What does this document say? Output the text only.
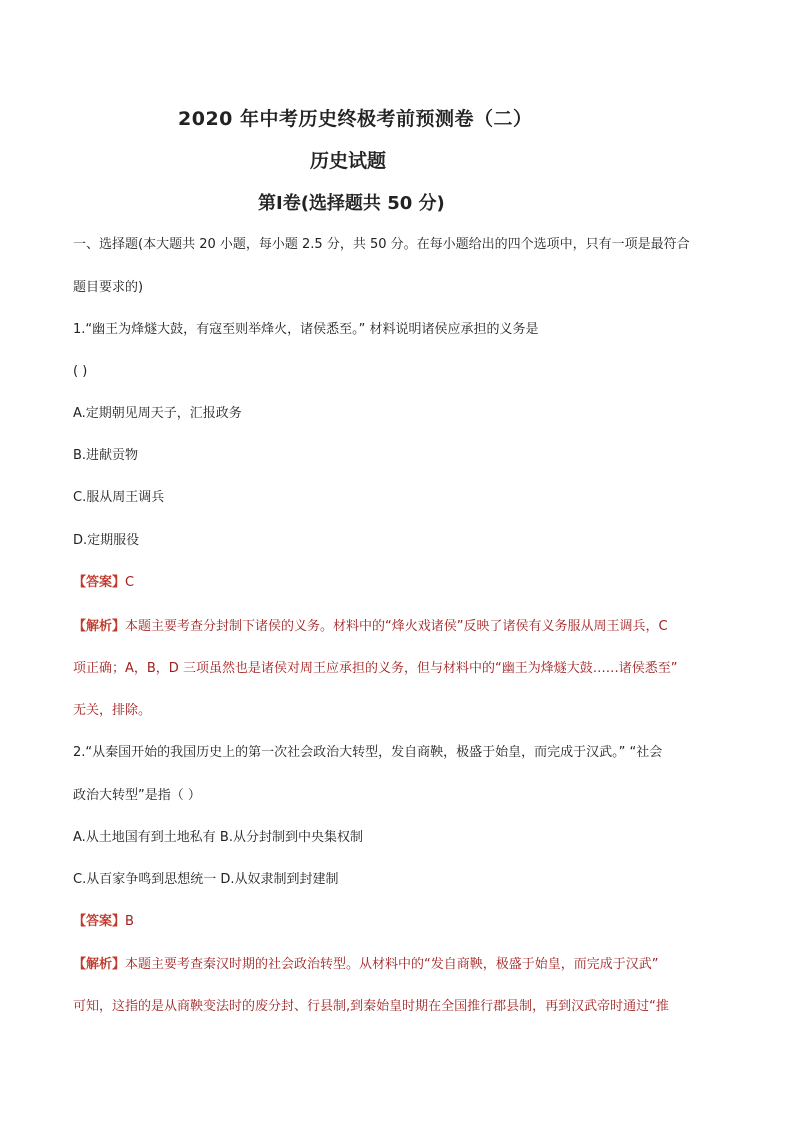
2020 年中考历史终极考前预测卷（二）
历史试题
第Ⅰ卷(选择题共 50 分)
一、选择题(本大题共 20 小题，每小题 2.5 分，共 50 分。在每小题给出的四个选项中，只有一项是最符合
题目要求的)
1.“幽王为烽燧大鼓，有寇至则举烽火，诸侯悉至。” 材料说明诸侯应承担的义务是
( )
A.定期朝见周天子，汇报政务
B.进献贡物
C.服从周王调兵
D.定期服役
【答案】C
【解析】本题主要考查分封制下诸侯的义务。材料中的“烽火戏诸侯”反映了诸侯有义务服从周王调兵，C
项正确；A，B，D 三项虽然也是诸侯对周王应承担的义务，但与材料中的“幽王为烽燧大鼓……诸侯悉至”
无关，排除。
2.“从秦国开始的我国历史上的第一次社会政治大转型，发自商鞅，极盛于始皇，而完成于汉武。” “社会
政治大转型”是指（ ）
A.从土地国有到土地私有 B.从分封制到中央集权制
C.从百家争鸣到思想统一 D.从奴隶制到封建制
【答案】B
【解析】本题主要考查秦汉时期的社会政治转型。从材料中的“发自商鞅，极盛于始皇，而完成于汉武”
可知，这指的是从商鞅变法时的废分封、行县制,到秦始皇时期在全国推行郡县制，再到汉武帝时通过“推
